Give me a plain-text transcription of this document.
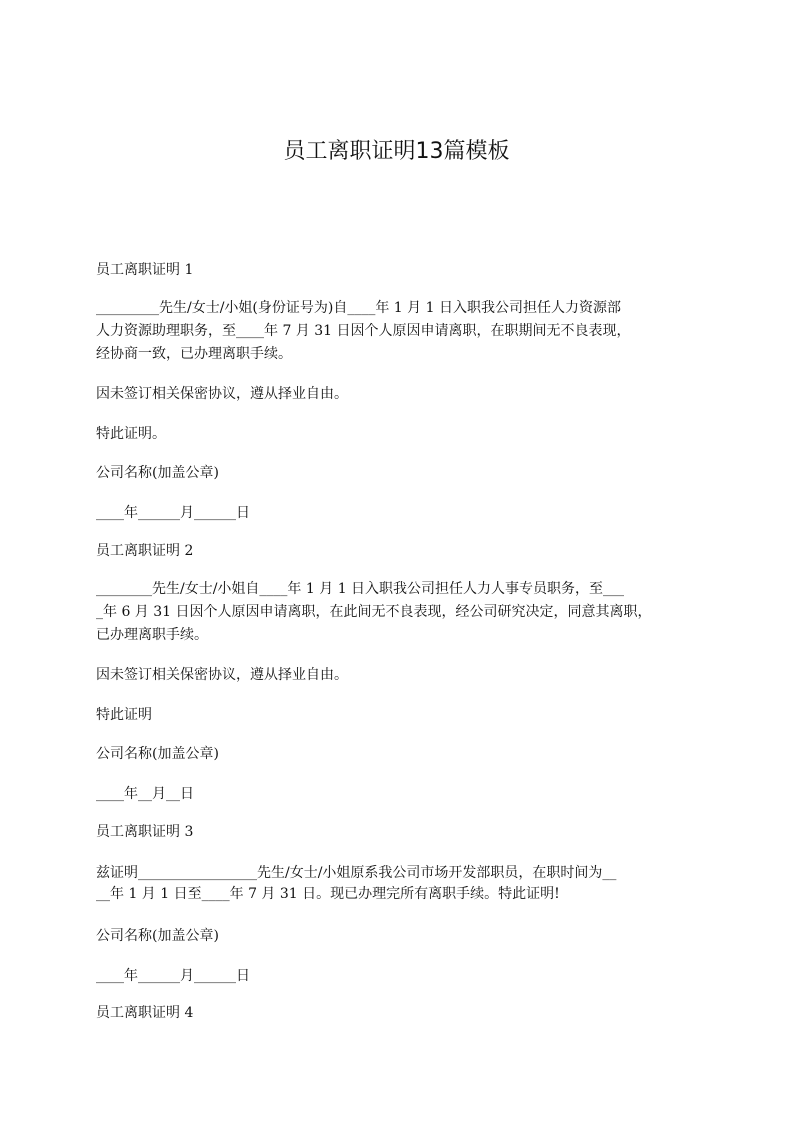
员工离职证明13篇模板

员工离职证明 1

_________先生/女士/小姐(身份证号为)自____年 1 月 1 日入职我公司担任人力资源部

人力资源助理职务，至____年 7 月 31 日因个人原因申请离职，在职期间无不良表现，

经协商一致，已办理离职手续。

因未签订相关保密协议，遵从择业自由。

特此证明。

公司名称(加盖公章)

____年______月______日

员工离职证明 2

________先生/女士/小姐自____年 1 月 1 日入职我公司担任人力人事专员职务，至___

_年 6 月 31 日因个人原因申请离职，在此间无不良表现，经公司研究决定，同意其离职，

已办理离职手续。

因未签订相关保密协议，遵从择业自由。

特此证明

公司名称(加盖公章)

____年__月__日

员工离职证明 3

兹证明_________________先生/女士/小姐原系我公司市场开发部职员，在职时间为__

__年 1 月 1 日至____年 7 月 31 日。现已办理完所有离职手续。特此证明!

公司名称(加盖公章)

____年______月______日

员工离职证明 4
